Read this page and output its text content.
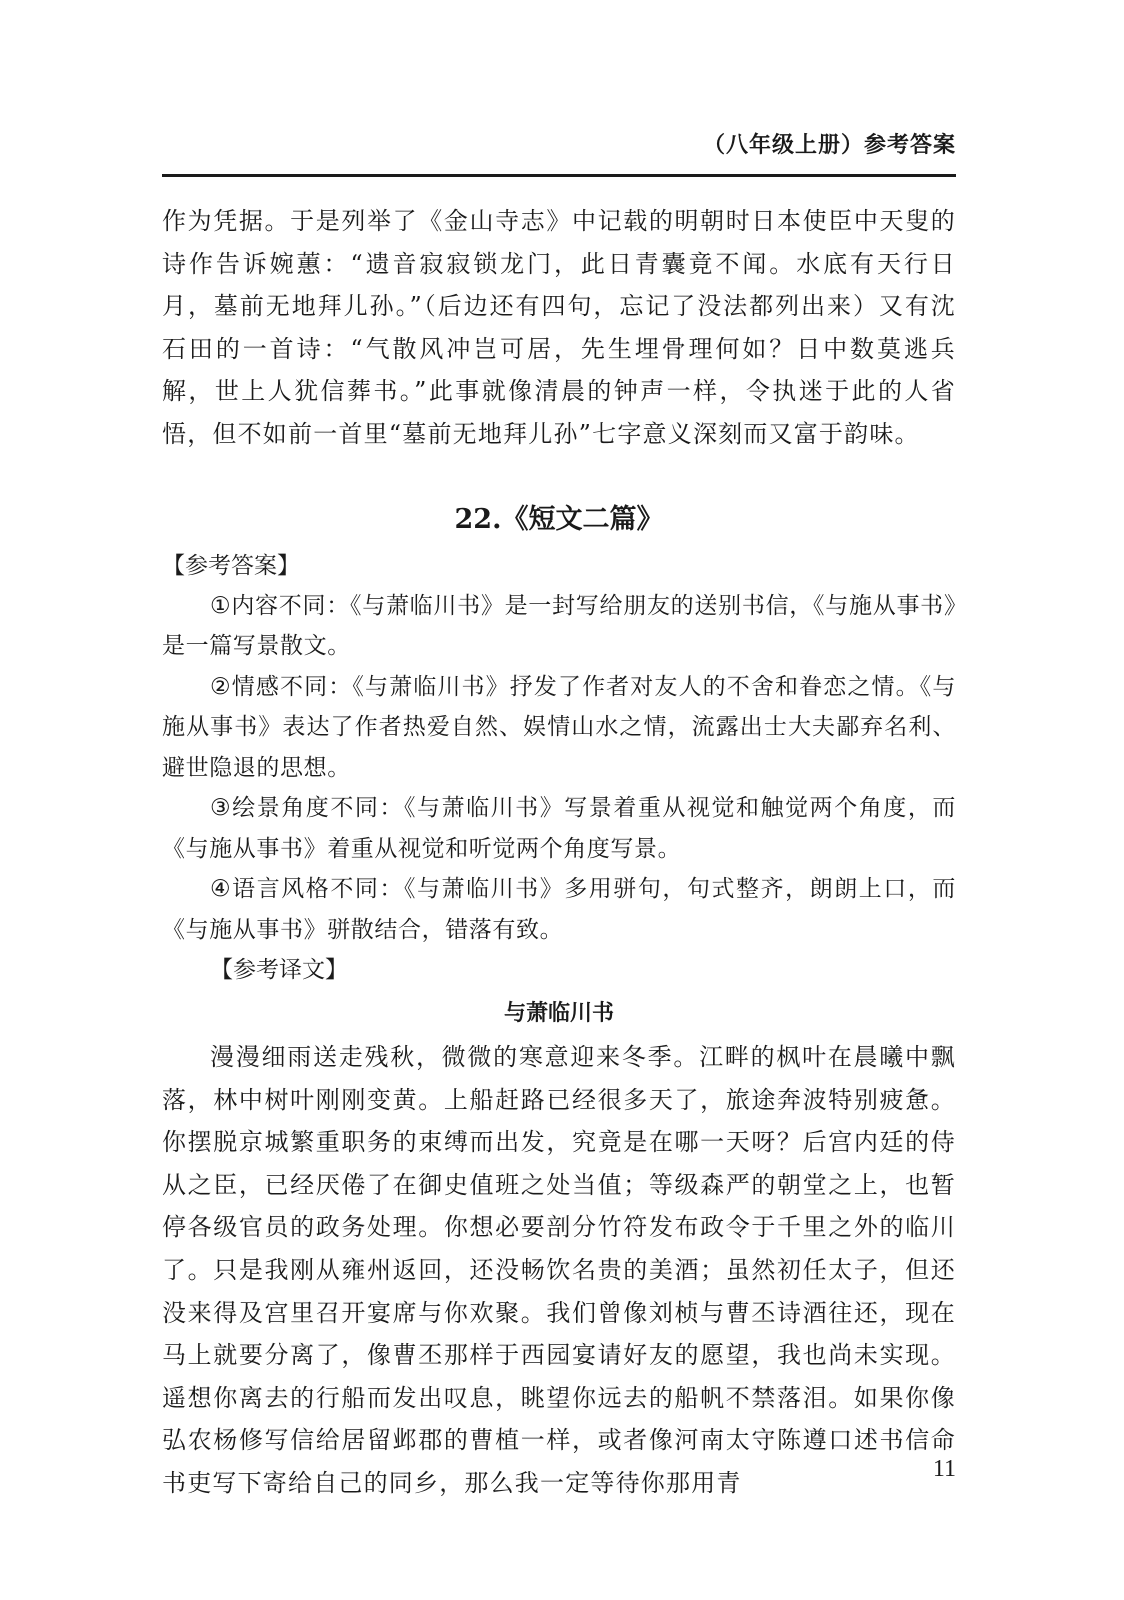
（八年级上册）参考答案

作为凭据。于是列举了《金山寺志》中记载的明朝时日本使臣中天叟的诗作告诉婉蕙：“遗音寂寂锁龙门，此日青囊竟不闻。水底有天行日月，墓前无地拜儿孙。”（后边还有四句，忘记了没法都列出来）又有沈石田的一首诗：“气散风冲岂可居，先生埋骨理何如？日中数莫逃兵解，世上人犹信葬书。”此事就像清晨的钟声一样，令执迷于此的人省悟，但不如前一首里“墓前无地拜儿孙”七字意义深刻而又富于韵味。

22.《短文二篇》
【参考答案】

①内容不同：《与萧临川书》是一封写给朋友的送别书信，《与施从事书》是一篇写景散文。

②情感不同：《与萧临川书》抒发了作者对友人的不舍和眷恋之情。《与施从事书》表达了作者热爱自然、娱情山水之情，流露出士大夫鄙弃名利、避世隐退的思想。

③绘景角度不同：《与萧临川书》写景着重从视觉和触觉两个角度，而《与施从事书》着重从视觉和听觉两个角度写景。

④语言风格不同：《与萧临川书》多用骈句，句式整齐，朗朗上口，而《与施从事书》骈散结合，错落有致。

【参考译文】
与萧临川书

漫漫细雨送走残秋，微微的寒意迎来冬季。江畔的枫叶在晨曦中飘落，林中树叶刚刚变黄。上船赶路已经很多天了，旅途奔波特别疲惫。你摆脱京城繁重职务的束缚而出发，究竟是在哪一天呀？后宫内廷的侍从之臣，已经厌倦了在御史值班之处当值；等级森严的朝堂之上，也暂停各级官员的政务处理。你想必要剖分竹符发布政令于千里之外的临川了。只是我刚从雍州返回，还没畅饮名贵的美酒；虽然初任太子，但还没来得及宫里召开宴席与你欢聚。我们曾像刘桢与曹丕诗酒往还，现在马上就要分离了，像曹丕那样于西园宴请好友的愿望，我也尚未实现。遥想你离去的行船而发出叹息，眺望你远去的船帆不禁落泪。如果你像弘农杨修写信给居留邺郡的曹植一样，或者像河南太守陈遵口述书信命书吏写下寄给自己的同乡，那么我一定等待你那用青	11
